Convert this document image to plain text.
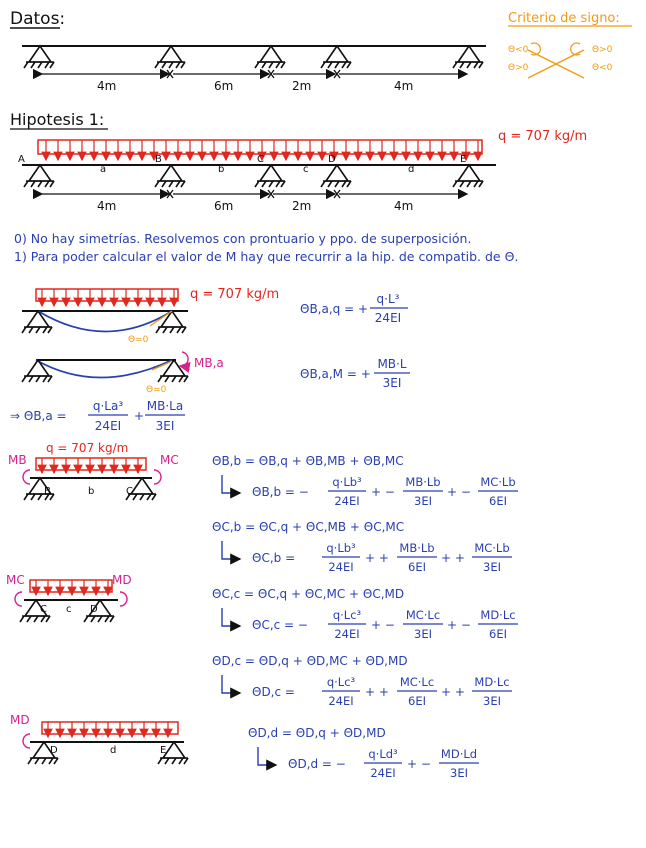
Datos:
4m	6m	2m	4m
Criterio de signo:
Θ<0
Θ>0
Θ>0
Θ<0
Hipotesis 1:
q = 707 kg/m
A	B	C	D	E
a	b	c	d
4m	6m	2m	4m
0) No hay simetrías. Resolvemos con prontuario y ppo. de superposición.
1) Para poder calcular el valor de M hay que recurrir a la hip. de compatib. de Θ.
q = 707 kg/m
Θ=0
ΘB,a,q = +
q·L³
24EI
MB,a
Θ=0
ΘB,a,M = +
MB·L
3EI
⇒ ΘB,a =
q·La³
24EI
+
MB·La
3EI
q = 707 kg/m
MB	MC
B	b	C
MC	MD
C c D
MD
D	d	E
ΘB,b = ΘB,q + ΘB,MB + ΘB,MC
ΘB,b = −
q·Lb³
24EI
+ −
MB·Lb
3EI
+ −
MC·Lb
6EI
ΘC,b = ΘC,q + ΘC,MB + ΘC,MC
ΘC,b =
q·Lb³
24EI
+ +
MB·Lb
6EI
+ +
MC·Lb
3EI
ΘC,c = ΘC,q + ΘC,MC + ΘC,MD
ΘC,c = −
q·Lc³
24EI
+ −
MC·Lc
3EI
+ −
MD·Lc
6EI
ΘD,c = ΘD,q + ΘD,MC + ΘD,MD
ΘD,c =
q·Lc³
24EI
+ +
MC·Lc
6EI
+ +
MD·Lc
3EI
ΘD,d = ΘD,q + ΘD,MD
ΘD,d = −
q·Ld³
24EI
+ −
MD·Ld
3EI
